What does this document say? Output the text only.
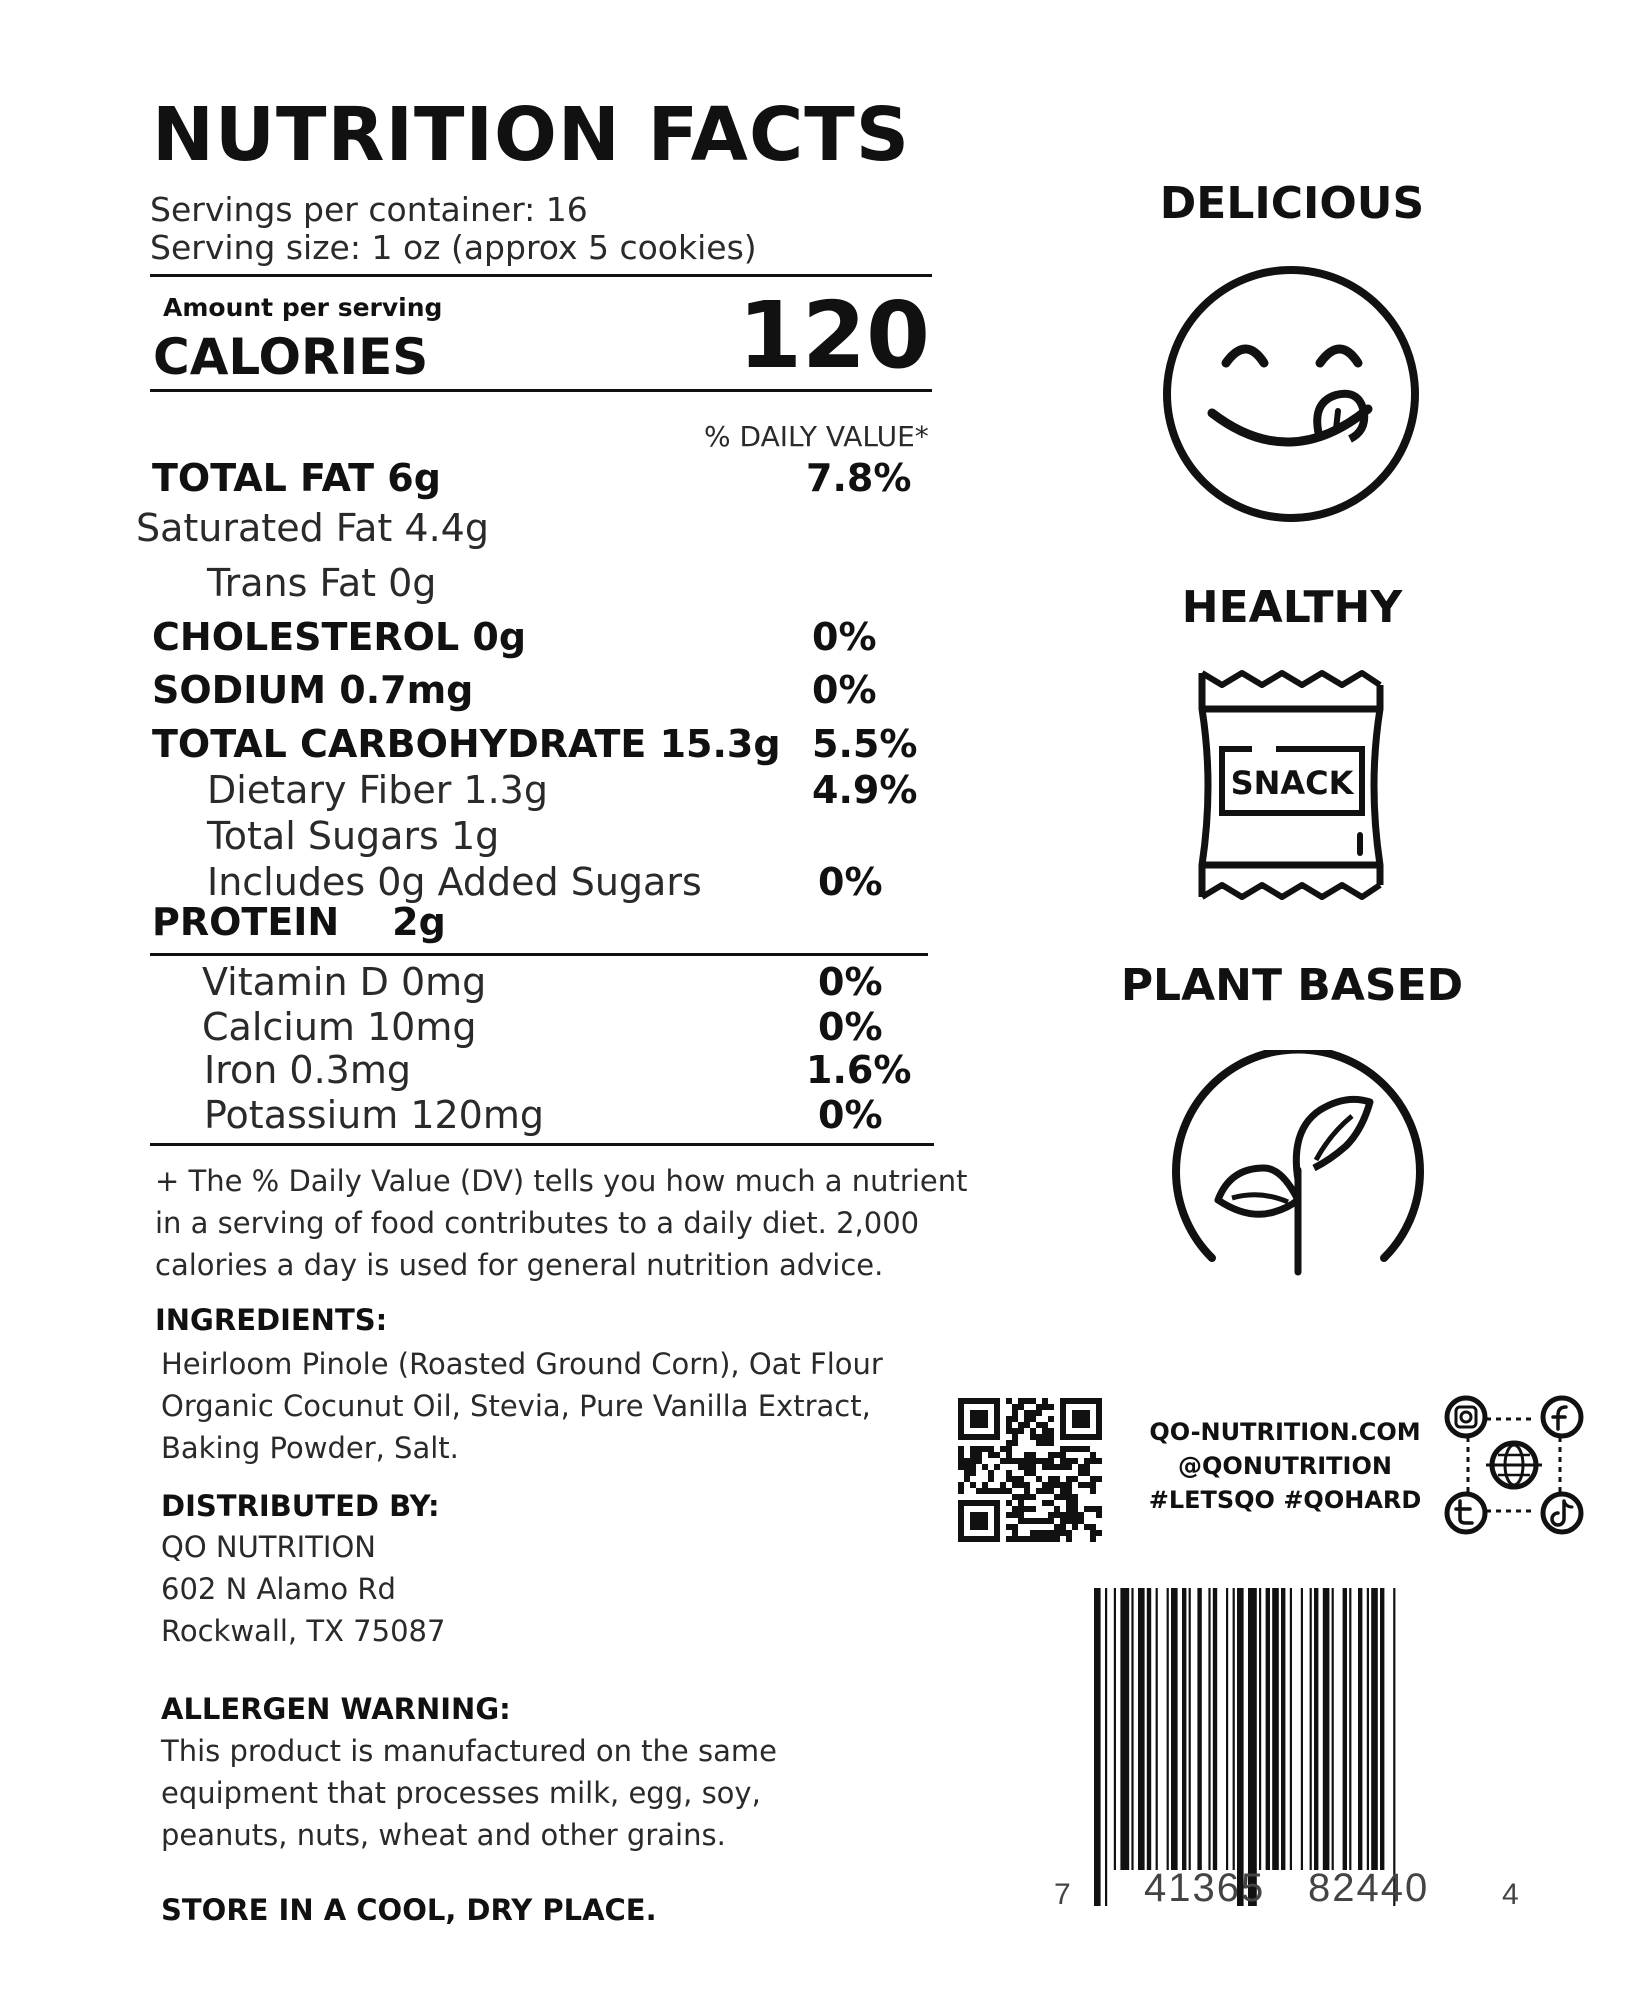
NUTRITION FACTS
Servings per container: 16
Serving size: 1 oz (approx 5 cookies)
Amount per serving
CALORIES	120
% DAILY VALUE*
TOTAL FAT 6g	7.8%
Saturated Fat 4.4g
Trans Fat 0g
CHOLESTEROL 0g	0%
SODIUM 0.7mg	0%
TOTAL CARBOHYDRATE 15.3g 5.5%
Dietary Fiber 1.3g	4.9%
Total Sugars 1g
Includes 0g Added Sugars	0%
PROTEIN    2g
Vitamin D 0mg	0%
Calcium 10mg	0%
Iron 0.3mg	1.6%
Potassium 120mg	0%
+ The % Daily Value (DV) tells you how much a nutrient
in a serving of food contributes to a daily diet. 2,000
calories a day is used for general nutrition advice.
INGREDIENTS:
Heirloom Pinole (Roasted Ground Corn), Oat Flour
Organic Cocunut Oil, Stevia, Pure Vanilla Extract,
Baking Powder, Salt.
DISTRIBUTED BY:
QO NUTRITION
602 N Alamo Rd
Rockwall, TX 75087
ALLERGEN WARNING:
This product is manufactured on the same
equipment that processes milk, egg, soy,
peanuts, nuts, wheat and other grains.
STORE IN A COOL, DRY PLACE.
DELICIOUS
HEALTHY
SNACK
PLANT BASED
QO-NUTRITION.COM
@QONUTRITION
#LETSQO #QOHARD
7 41365 82440 4
